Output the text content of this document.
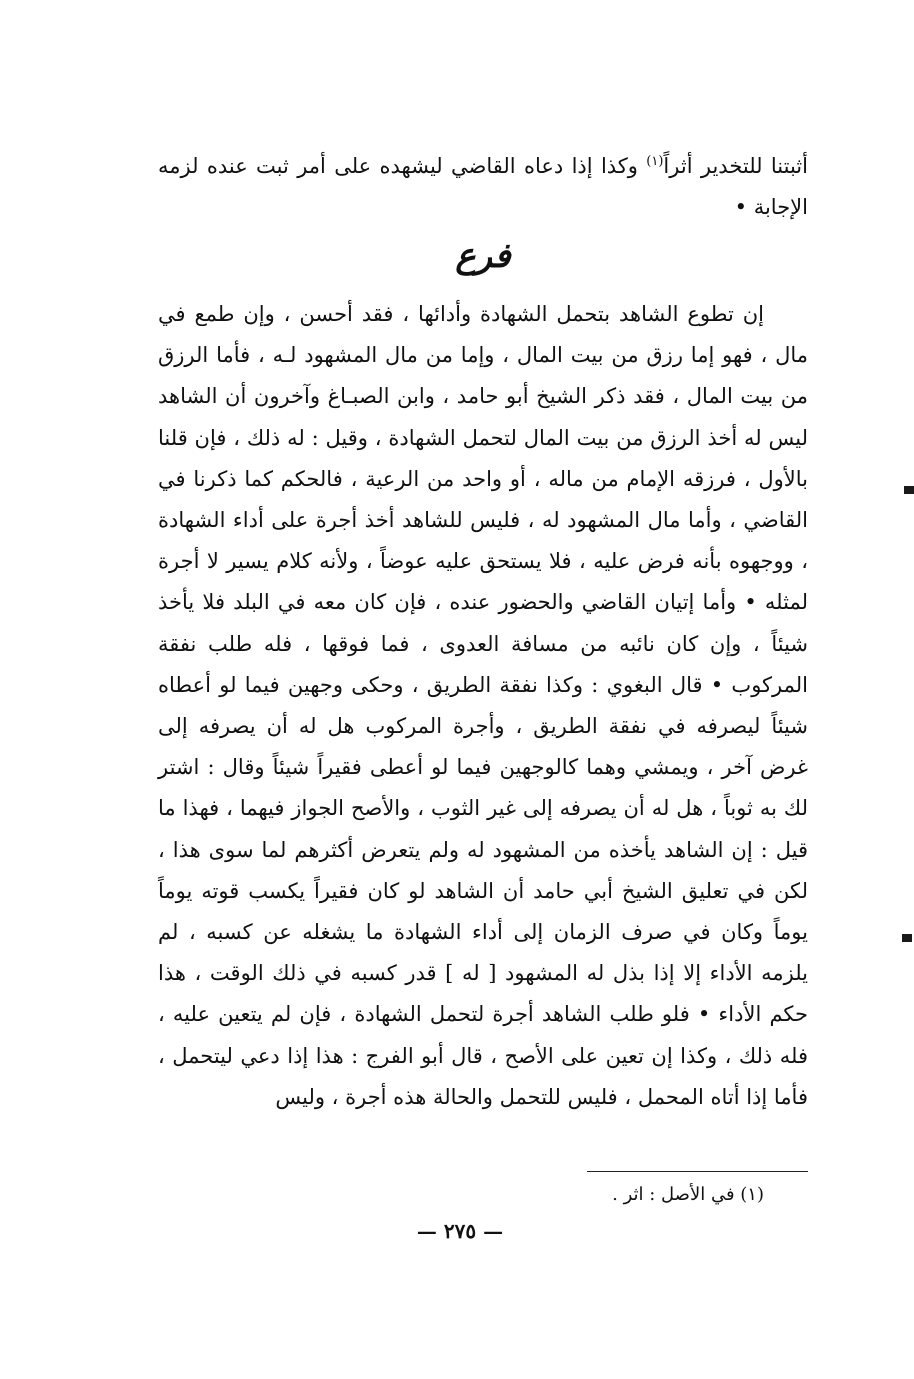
أثبتنا للتخدير أثراً$^{(١)}$ وكذا إذا دعاه القاضي ليشهده على أمر ثبت عنده لزمه الإجابة •

فرع

إن تطوع الشاهد بتحمل الشهادة وأدائها ، فقد أحسن ، وإن طمع في مال ، فهو إما رزق من بيت المال ، وإما من مال المشهود لـه ، فأما الرزق من بيت المال ، فقد ذكر الشيخ أبو حامد ، وابن الصبـاغ وآخرون أن الشاهد ليس له أخذ الرزق من بيت المال لتحمل الشهادة ، وقيل : له ذلك ، فإن قلنا بالأول ، فرزقه الإمام من ماله ، أو واحد من الرعية ، فالحكم كما ذكرنا في القاضي ، وأما مال المشهود له ، فليس للشاهد أخذ أجرة على أداء الشهادة ، ووجهوه بأنه فرض عليه ، فلا يستحق عليه عوضاً ، ولأنه كلام يسير لا أجرة لمثله • وأما إتيان القاضي والحضور عنده ، فإن كان معه في البلد فلا يأخذ شيئاً ، وإن كان نائبه من مسافة العدوى ، فما فوقها ، فله طلب نفقة المركوب • قال البغوي : وكذا نفقة الطريق ، وحكى وجهين فيما لو أعطاه شيئاً ليصرفه في نفقة الطريق ، وأجرة المركوب هل له أن يصرفه إلى غرض آخر ، ويمشي وهما كالوجهين فيما لو أعطى فقيراً شيئاً وقال : اشتر لك به ثوباً ، هل له أن يصرفه إلى غير الثوب ، والأصح الجواز فيهما ، فهذا ما قيل : إن الشاهد يأخذه من المشهود له ولم يتعرض أكثرهم لما سوى هذا ، لكن في تعليق الشيخ أبي حامد أن الشاهد لو كان فقيراً يكسب قوته يوماً يوماً وكان في صرف الزمان إلى أداء الشهادة ما يشغله عن كسبه ، لم يلزمه الأداء إلا إذا بذل له المشهود [ له ] قدر كسبه في ذلك الوقت ، هذا حكم الأداء • فلو طلب الشاهد أجرة لتحمل الشهادة ، فإن لم يتعين عليه ، فله ذلك ، وكذا إن تعين على الأصح ، قال أبو الفرج : هذا إذا دعي ليتحمل ، فأما إذا أتاه المحمل ، فليس للتحمل والحالة هذه أجرة ، وليس

(١) في الأصل : اثر .
— ٢٧٥ —
